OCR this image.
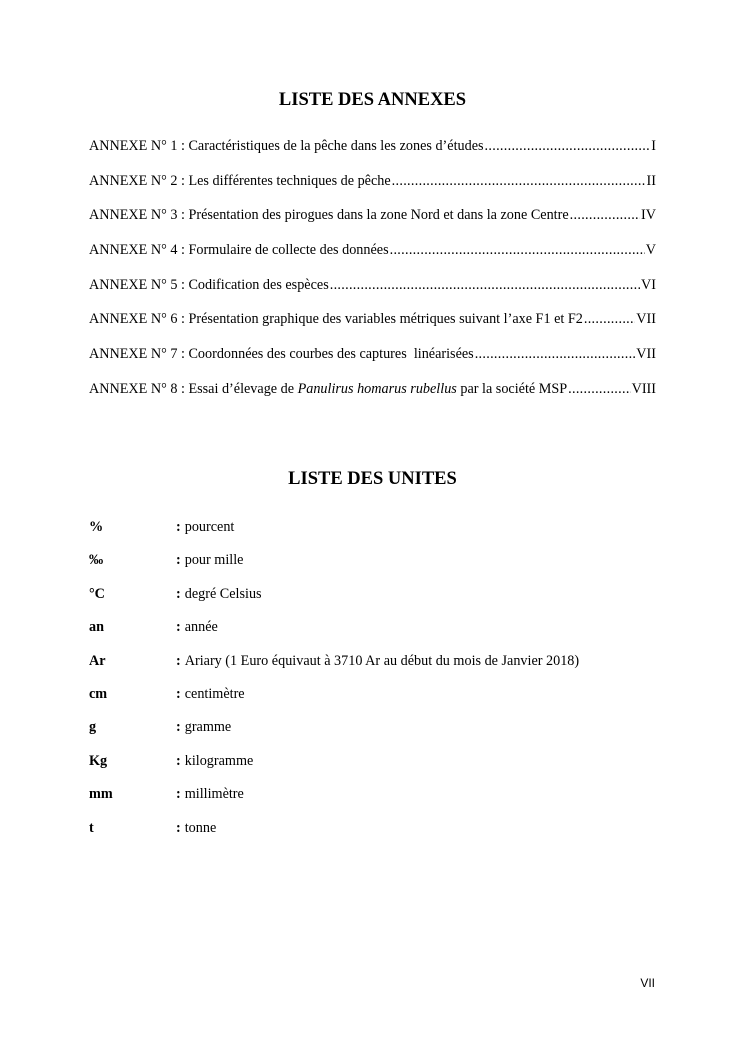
LISTE DES ANNEXES
ANNEXE N° 1 : Caractéristiques de la pêche dans les zones d’études .....	I
ANNEXE N° 2 : Les différentes techniques de pêche .....	II
ANNEXE N° 3 : Présentation des pirogues dans la zone Nord et dans la zone Centre .....	IV
ANNEXE N° 4 : Formulaire de collecte des données .....	V
ANNEXE N° 5 : Codification des espèces .....	VI
ANNEXE N° 6 : Présentation graphique des variables métriques suivant l’axe F1 et F2 .....	VII
ANNEXE N° 7 : Coordonnées des courbes des captures  linéarisées .....	VII
ANNEXE N° 8 : Essai d’élevage de Panulirus homarus rubellus par la société MSP .....	VIII
LISTE DES UNITES
%	: pourcent
‰	: pour mille
°C	: degré Celsius
an	: année
Ar	: Ariary (1 Euro équivaut à 3710 Ar au début du mois de Janvier 2018)
cm	: centimètre
g	: gramme
Kg	: kilogramme
mm	: millimètre
t	: tonne
VII
